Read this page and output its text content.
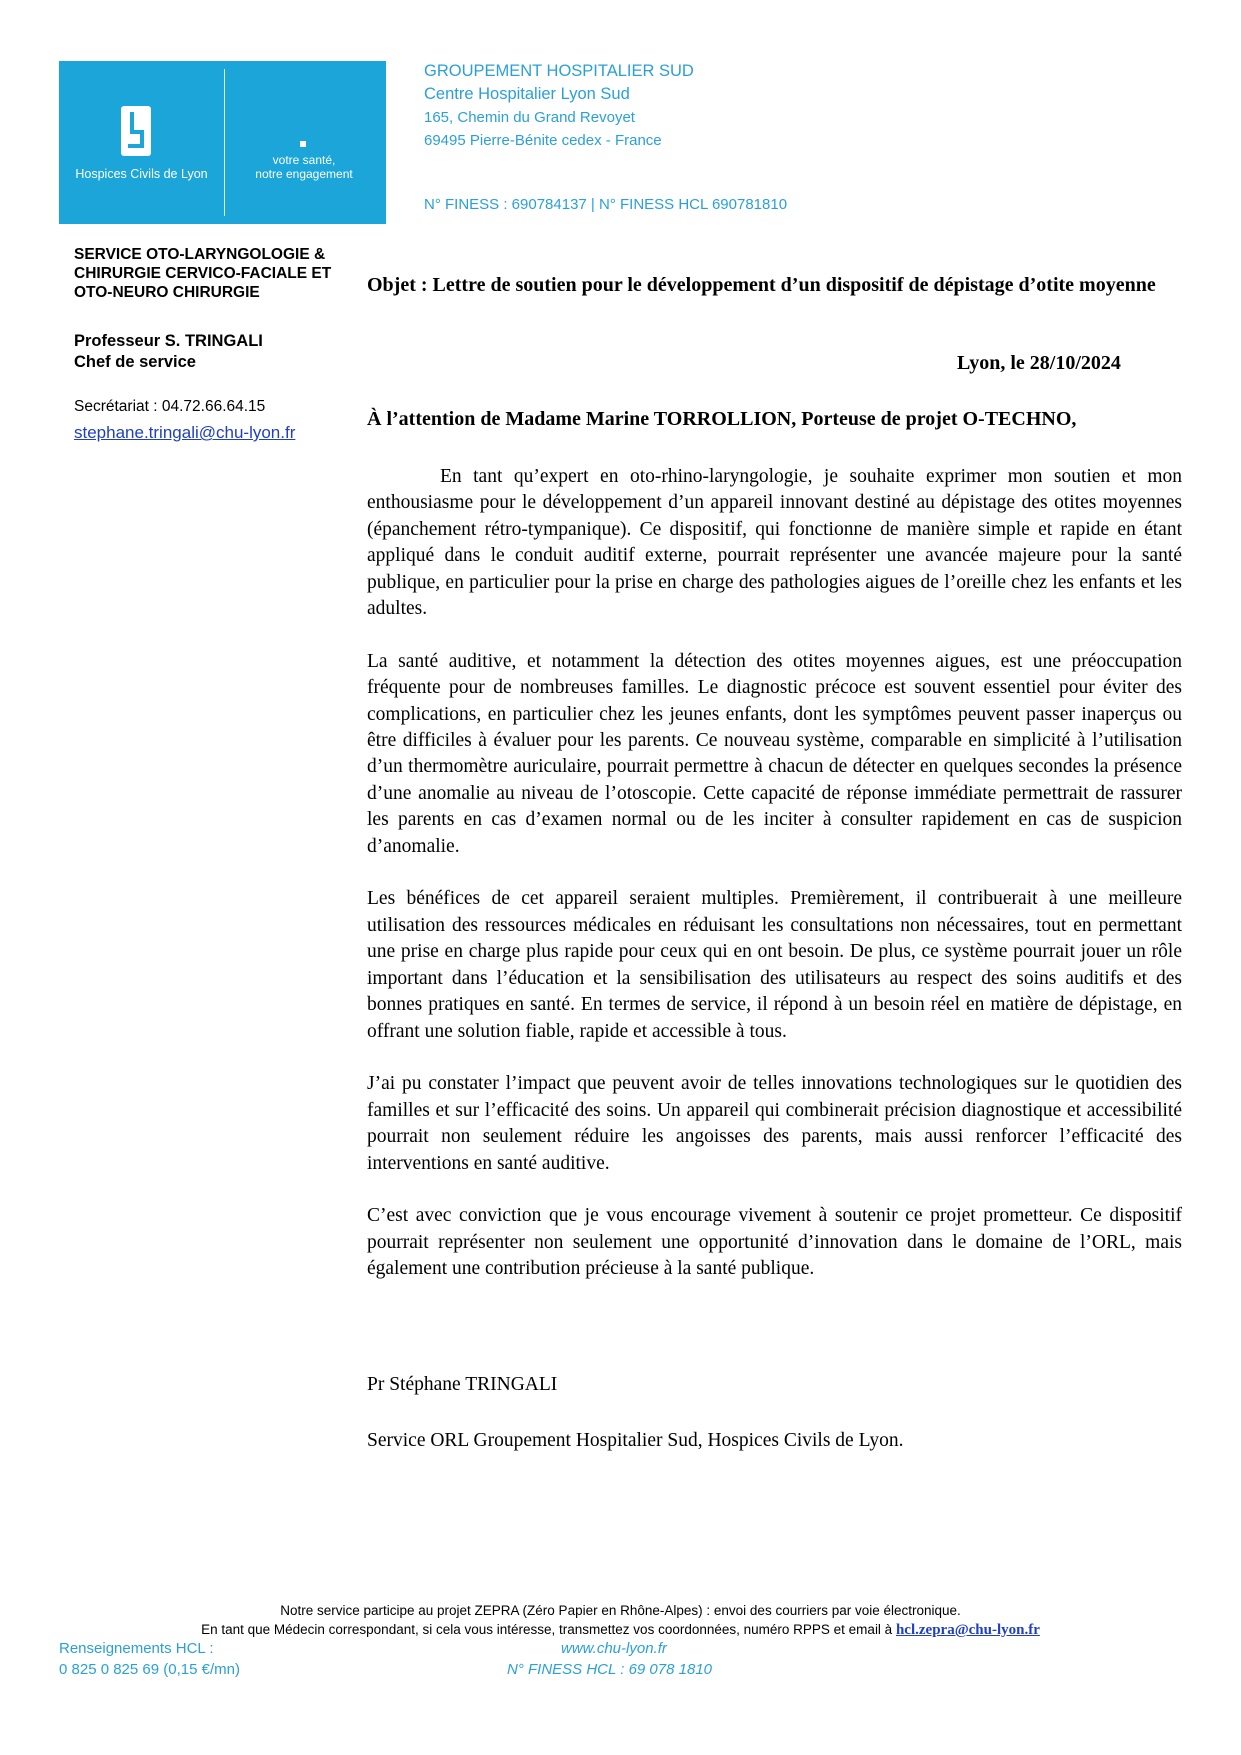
Hospices Civils de Lyon
votre santé,
notre engagement
GROUPEMENT HOSPITALIER SUD
Centre Hospitalier Lyon Sud
165, Chemin du Grand Revoyet
69495 Pierre-Bénite cedex - France
N° FINESS : 690784137 | N° FINESS HCL 690781810
SERVICE OTO-LARYNGOLOGIE &
CHIRURGIE CERVICO-FACIALE ET
OTO-NEURO CHIRURGIE
Professeur S. TRINGALI
Chef de service
Secrétariat : 04.72.66.64.15
stephane.tringali@chu-lyon.fr
Objet : Lettre de soutien pour le développement d’un dispositif de dépistage d’otite moyenne
Lyon, le 28/10/2024
À l’attention de Madame Marine TORROLLION, Porteuse de projet O-TECHNO,

En tant qu’expert en oto-rhino-laryngologie, je souhaite exprimer mon soutien et mon enthousiasme pour le développement d’un appareil innovant destiné au dépistage des otites moyennes (épanchement rétro-tympanique). Ce dispositif, qui fonctionne de manière simple et rapide en étant appliqué dans le conduit auditif externe, pourrait représenter une avancée majeure pour la santé publique, en particulier pour la prise en charge des pathologies aigues de l’oreille chez les enfants et les adultes.

La santé auditive, et notamment la détection des otites moyennes aigues, est une préoccupation fréquente pour de nombreuses familles. Le diagnostic précoce est souvent essentiel pour éviter des complications, en particulier chez les jeunes enfants, dont les symptômes peuvent passer inaperçus ou être difficiles à évaluer pour les parents. Ce nouveau système, comparable en simplicité à l’utilisation d’un thermomètre auriculaire, pourrait permettre à chacun de détecter en quelques secondes la présence d’une anomalie au niveau de l’otoscopie. Cette capacité de réponse immédiate permettrait de rassurer les parents en cas d’examen normal ou de les inciter à consulter rapidement en cas de suspicion d’anomalie.

Les bénéfices de cet appareil seraient multiples. Premièrement, il contribuerait à une meilleure utilisation des ressources médicales en réduisant les consultations non nécessaires, tout en permettant une prise en charge plus rapide pour ceux qui en ont besoin. De plus, ce système pourrait jouer un rôle important dans l’éducation et la sensibilisation des utilisateurs au respect des soins auditifs et des bonnes pratiques en santé. En termes de service, il répond à un besoin réel en matière de dépistage, en offrant une solution fiable, rapide et accessible à tous.

J’ai pu constater l’impact que peuvent avoir de telles innovations technologiques sur le quotidien des familles et sur l’efficacité des soins. Un appareil qui combinerait précision diagnostique et accessibilité pourrait non seulement réduire les angoisses des parents, mais aussi renforcer l’efficacité des interventions en santé auditive.

C’est avec conviction que je vous encourage vivement à soutenir ce projet prometteur. Ce dispositif pourrait représenter non seulement une opportunité d’innovation dans le domaine de l’ORL, mais également une contribution précieuse à la santé publique.

Pr Stéphane TRINGALI
Service ORL Groupement Hospitalier Sud, Hospices Civils de Lyon.
Notre service participe au projet ZEPRA (Zéro Papier en Rhône-Alpes) : envoi des courriers par voie électronique.
En tant que Médecin correspondant, si cela vous intéresse, transmettez vos coordonnées, numéro RPPS et email à hcl.zepra@chu-lyon.fr
Renseignements HCL :
0 825 0 825 69 (0,15 €/mn)
www.chu-lyon.fr
N° FINESS HCL : 69 078 1810
